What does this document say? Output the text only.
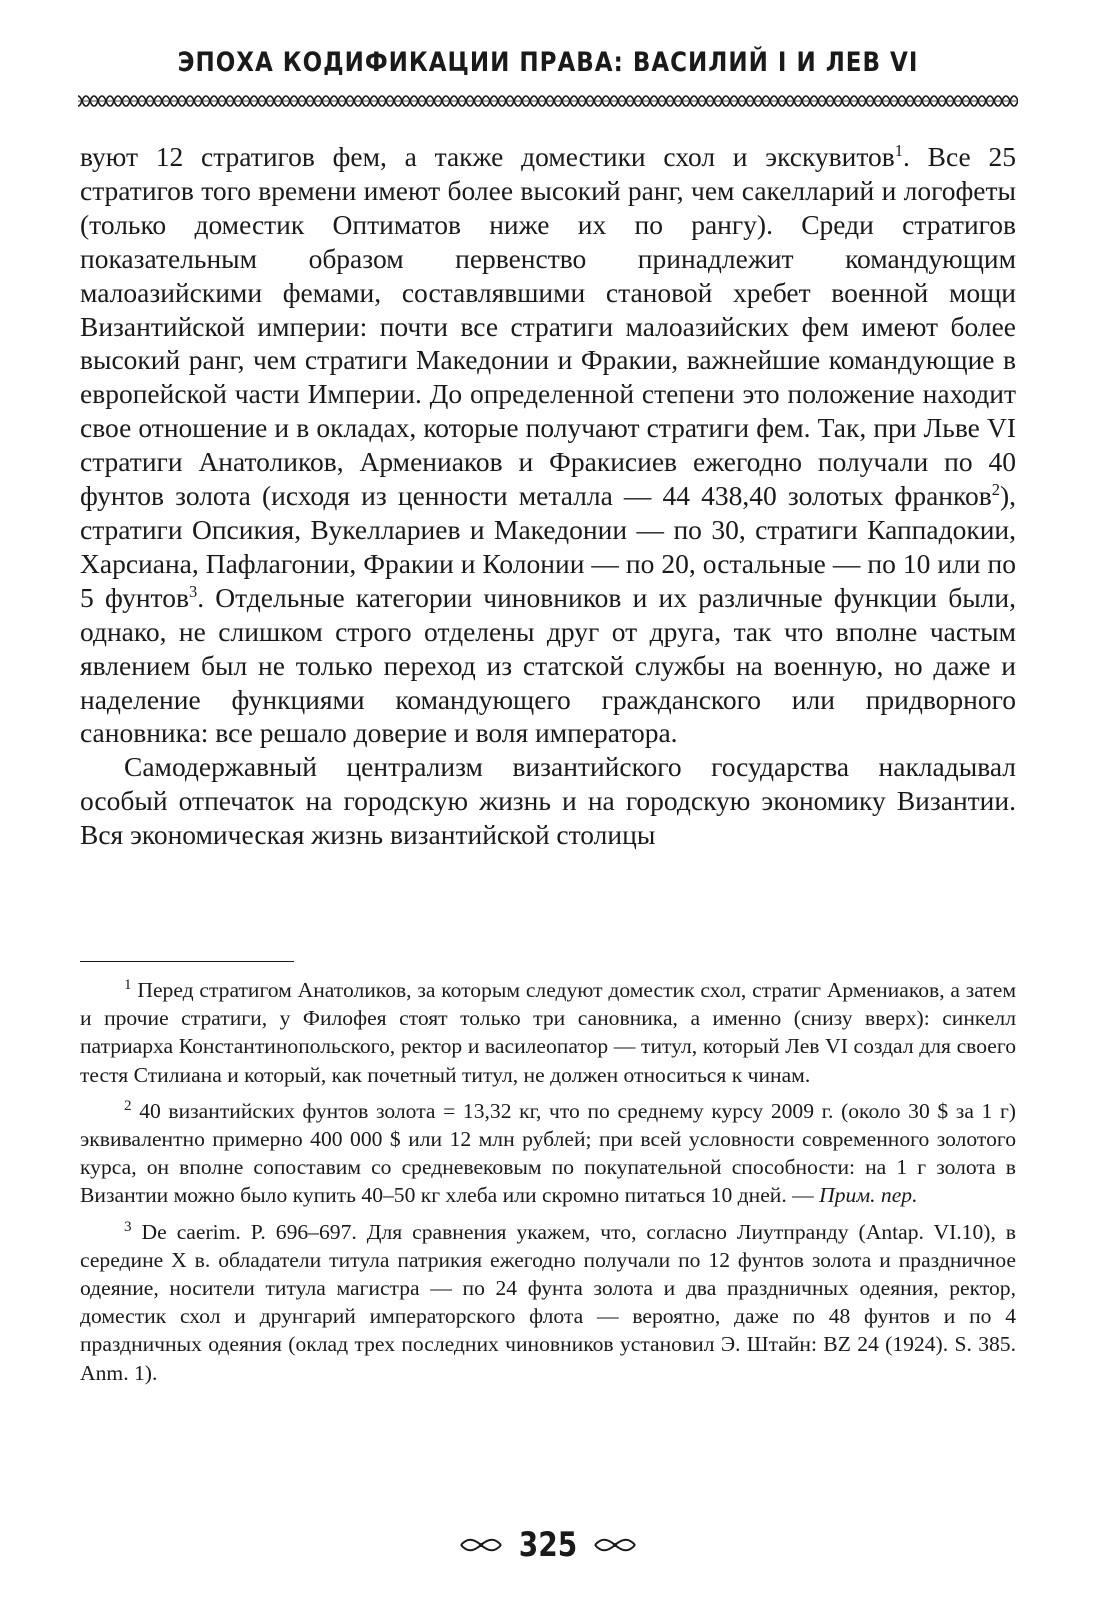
ЭПОХА КОДИФИКАЦИИ ПРАВА: ВАСИЛИЙ I И ЛЕВ VI

вуют 12 стратигов фем, а также доместики схол и экскувитов$^1$. Все 25 стратигов того времени имеют более высокий ранг, чем сакелларий и логофеты (только доместик Оптиматов ниже их по рангу). Среди стратигов показательным образом первенство принадлежит командующим малоазийскими фемами, составлявшими становой хребет военной мощи Византийской империи: почти все стратиги малоазийских фем имеют более высокий ранг, чем стратиги Македонии и Фракии, важнейшие командующие в европейской части Империи. До определенной степени это положение находит свое отношение и в окладах, которые получают стратиги фем. Так, при Льве VI стратиги Анатоликов, Армениаков и Фракисиев ежегодно получали по 40 фунтов золота (исходя из ценности металла — 44 438,40 золотых франков$^2$), стратиги Опсикия, Вукеллариев и Македонии — по 30, стратиги Каппадокии, Харсиана, Пафлагонии, Фракии и Колонии — по 20, остальные — по 10 или по 5 фунтов$^3$. Отдельные категории чиновников и их различные функции были, однако, не слишком строго отделены друг от друга, так что вполне частым явлением был не только переход из статской службы на военную, но даже и наделение функциями командующего гражданского или придворного сановника: все решало доверие и воля императора.

Самодержавный централизм византийского государства накладывал особый отпечаток на городскую жизнь и на городскую экономику Византии. Вся экономическая жизнь византийской столицы

$^1$ Перед стратигом Анатоликов, за которым следуют доместик схол, стратиг Армениаков, а затем и прочие стратиги, у Филофея стоят только три сановника, а именно (снизу вверх): синкелл патриарха Константинопольского, ректор и василеопатор — титул, который Лев VI создал для своего тестя Стилиана и который, как почетный титул, не должен относиться к чинам.

$^2$ 40 византийских фунтов золота = 13,32 кг, что по среднему курсу 2009 г. (около 30 $ за 1 г) эквивалентно примерно 400 000 $ или 12 млн рублей; при всей условности современного золотого курса, он вполне сопоставим со средневековым по покупательной способности: на 1 г золота в Византии можно было купить 40–50 кг хлеба или скромно питаться 10 дней. — Прим. пер.

$^3$ De caerim. P. 696–697. Для сравнения укажем, что, согласно Лиутпранду (Antap. VI.10), в середине X в. обладатели титула патрикия ежегодно получали по 12 фунтов золота и праздничное одеяние, носители титула магистра — по 24 фунта золота и два праздничных одеяния, ректор, доместик схол и друнгарий императорского флота — вероятно, даже по 48 фунтов и по 4 праздничных одеяния (оклад трех последних чиновников установил Э. Штайн: BZ 24 (1924). S. 385. Anm. 1).

325
